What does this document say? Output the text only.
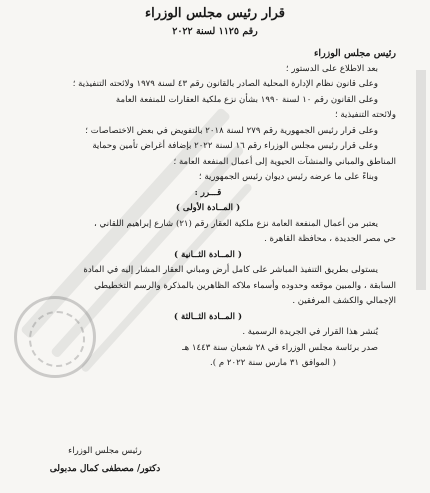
قرار رئيس مجلس الوزراء
رقم ١١٢٥ لسنة ٢٠٢٢

رئيس مجلس الوزراء

بعد الاطلاع على الدستور ؛

وعلى قانون نظام الإدارة المحلية الصادر بالقانون رقم ٤٣ لسنة ١٩٧٩ ولائحته التنفيذية ؛

وعلى القانون رقم ١٠ لسنة ١٩٩٠ بشأن نزع ملكية العقارات للمنفعة العامة

ولائحته التنفيذية ؛

وعلى قرار رئيس الجمهورية رقم ٢٧٩ لسنة ٢٠١٨ بالتفويض في بعض الاختصاصات ؛

وعلى قرار رئيس مجلس الوزراء رقم ١٦ لسنة ٢٠٢٢ بإضافة أغراض تأمين وحماية

المناطق والمباني والمنشآت الحيوية إلى أعمال المنفعة العامة ؛

وبناءً على ما عرضه رئيس ديوان رئيس الجمهورية ؛

قـــرر :

( المــادة الأولى )

يعتبر من أعمال المنفعة العامة نزع ملكية العقار رقم (٢١) شارع إبراهيم اللقاني ،

حي مصر الجديدة ، محافظة القاهرة .

( المــادة الثــانية )

يستولى بطريق التنفيذ المباشر على كامل أرض ومباني العقار المشار إليه في المادة

السابقة ، والمبين موقعه وحدوده وأسماء ملاكه الظاهرين بالمذكرة والرسم التخطيطي

الإجمالي والكشف المرفقين .

( المــادة الثــالثة )

يُنشر هذا القرار في الجريدة الرسمية .

صدر برئاسة مجلس الوزراء في ٢٨ شعبان سنة ١٤٤٣ هـ

( الموافق ٣١ مارس سنة ٢٠٢٢ م ).

رئيس مجلس الوزراء
دكتور/ مصطفى كمال مدبولى
